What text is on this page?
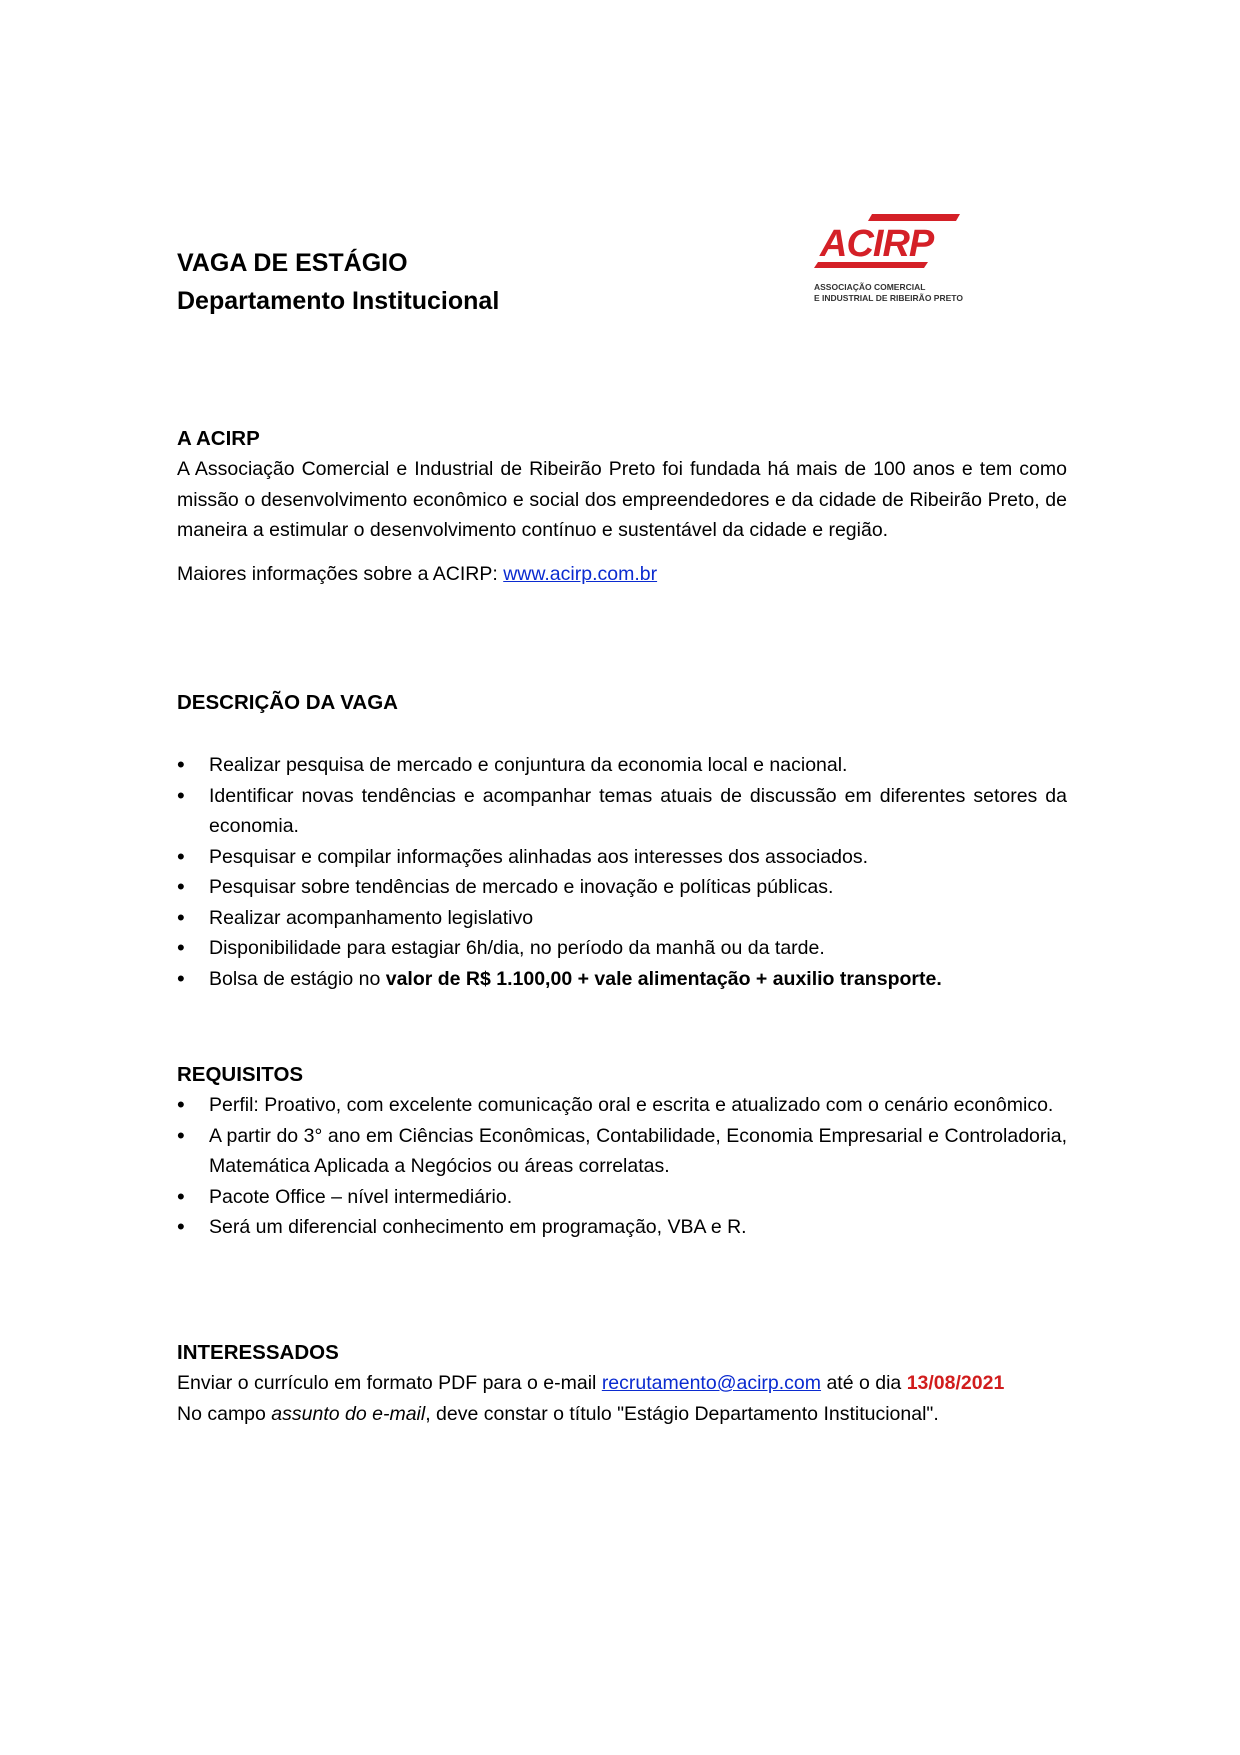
VAGA DE ESTÁGIO
Departamento Institucional
ACIRP
ASSOCIAÇÃO COMERCIAL
E INDUSTRIAL DE RIBEIRÃO PRETO
A ACIRP

A Associação Comercial e Industrial de Ribeirão Preto foi fundada há mais de 100 anos e tem como missão o desenvolvimento econômico e social dos empreendedores e da cidade de Ribeirão Preto, de maneira a estimular o desenvolvimento contínuo e sustentável da cidade e região.

Maiores informações sobre a ACIRP: www.acirp.com.br

DESCRIÇÃO DA VAGA
• Realizar pesquisa de mercado e conjuntura da economia local e nacional.
• Identificar novas tendências e acompanhar temas atuais de discussão em diferentes setores da economia.
• Pesquisar e compilar informações alinhadas aos interesses dos associados.
• Pesquisar sobre tendências de mercado e inovação e políticas públicas.
• Realizar acompanhamento legislativo
• Disponibilidade para estagiar 6h/dia, no período da manhã ou da tarde.
• Bolsa de estágio no valor de R$ 1.100,00 + vale alimentação + auxilio transporte.
REQUISITOS
• Perfil: Proativo, com excelente comunicação oral e escrita e atualizado com o cenário econômico.
• A partir do 3° ano em Ciências Econômicas, Contabilidade, Economia Empresarial e Controladoria, Matemática Aplicada a Negócios ou áreas correlatas.
• Pacote Office – nível intermediário.
• Será um diferencial conhecimento em programação, VBA e R.
INTERESSADOS

Enviar o currículo em formato PDF para o e-mail recrutamento@acirp.com até o dia 13/08/2021

No campo assunto do e-mail, deve constar o título "Estágio Departamento Institucional".
